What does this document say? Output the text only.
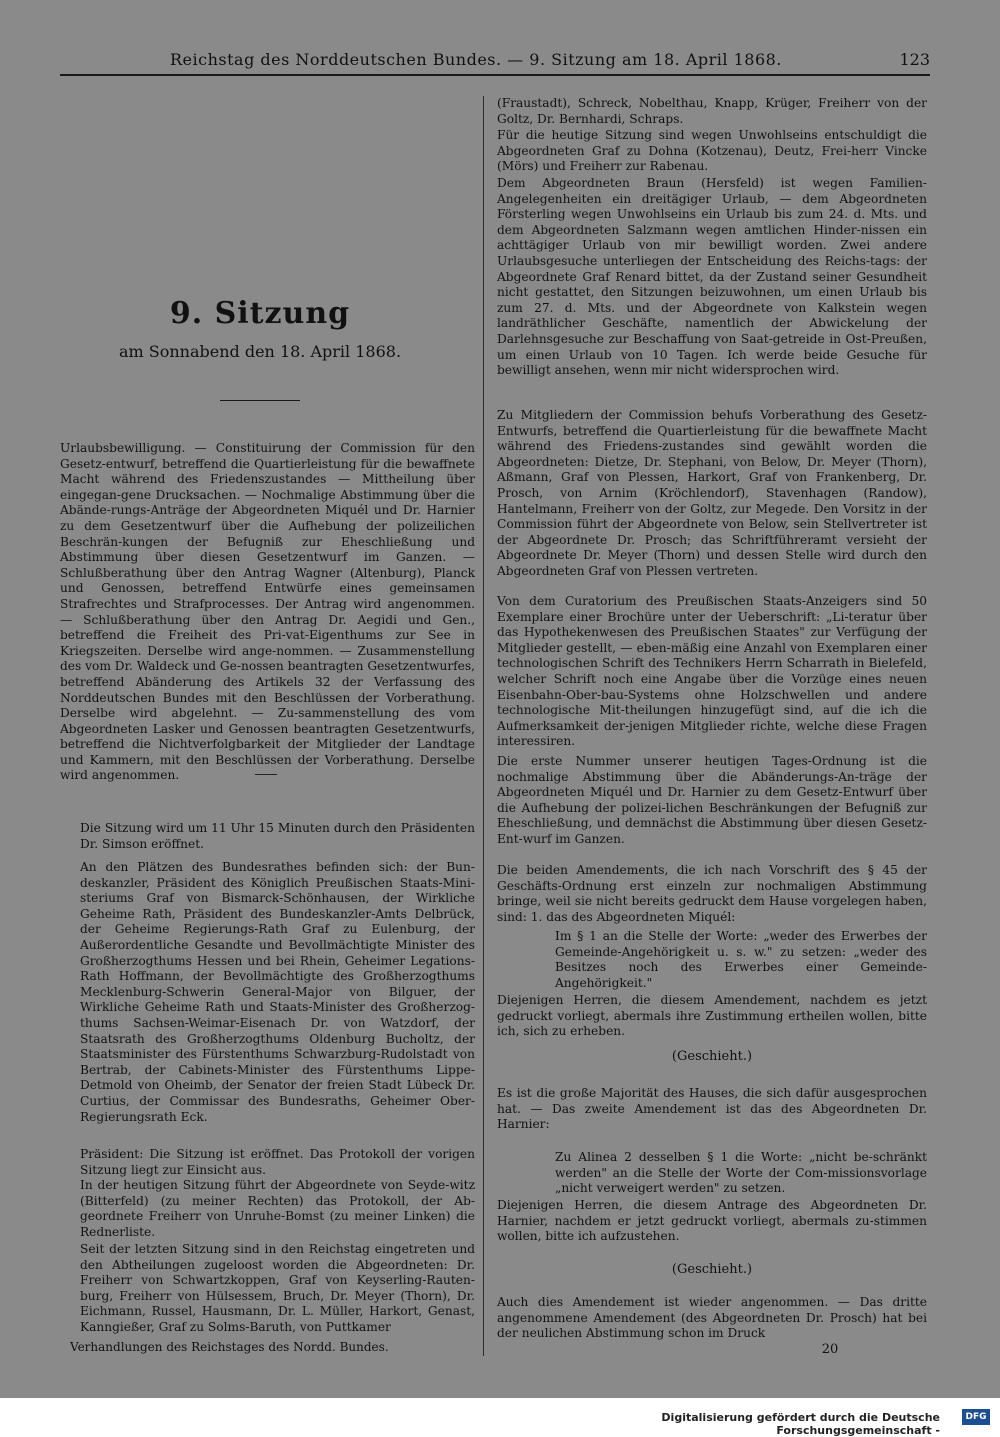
Reichstag des Norddeutschen Bundes. — 9. Sitzung am 18. April 1868.	123

9. Sitzung

am Sonnabend den 18. April 1868.

Urlaubsbewilligung. — Constituirung der Commission für den Gesetz-entwurf, betreffend die Quartierleistung für die bewaffnete Macht während des Friedenszustandes — Mittheilung über eingegan-gene Drucksachen. — Nochmalige Abstimmung über die Abände-rungs-Anträge der Abgeordneten Miquél und Dr. Harnier zu dem Gesetzentwurf über die Aufhebung der polizeilichen Beschrän-kungen der Befugniß zur Eheschließung und Abstimmung über diesen Gesetzentwurf im Ganzen. — Schlußberathung über den Antrag Wagner (Altenburg), Planck und Genossen, betreffend Entwürfe eines gemeinsamen Strafrechtes und Strafprocesses. Der Antrag wird angenommen. — Schlußberathung über den Antrag Dr. Aegidi und Gen., betreffend die Freiheit des Pri-vat-Eigenthums zur See in Kriegszeiten. Derselbe wird ange-nommen. — Zusammenstellung des vom Dr. Waldeck und Ge-nossen beantragten Gesetzentwurfes, betreffend Abänderung des Artikels 32 der Verfassung des Norddeutschen Bundes mit den Beschlüssen der Vorberathung. Derselbe wird abgelehnt. — Zu-sammenstellung des vom Abgeordneten Lasker und Genossen beantragten Gesetzentwurfs, betreffend die Nichtverfolgbarkeit der Mitglieder der Landtage und Kammern, mit den Beschlüssen der Vorberathung. Derselbe wird angenommen.

Die Sitzung wird um 11 Uhr 15 Minuten durch den Präsidenten Dr. Simson eröffnet.

An den Plätzen des Bundesrathes befinden sich: der Bun-deskanzler, Präsident des Königlich Preußischen Staats-Mini-steriums Graf von Bismarck-Schönhausen, der Wirkliche Geheime Rath, Präsident des Bundeskanzler-Amts Delbrück, der Geheime Regierungs-Rath Graf zu Eulenburg, der Außerordentliche Gesandte und Bevollmächtigte Minister des Großherzogthums Hessen und bei Rhein, Geheimer Legations-Rath Hoffmann, der Bevollmächtigte des Großherzogthums Mecklenburg-Schwerin General-Major von Bilguer, der Wirkliche Geheime Rath und Staats-Minister des Großherzog-thums Sachsen-Weimar-Eisenach Dr. von Watzdorf, der Staatsrath des Großherzogthums Oldenburg Bucholtz, der Staatsminister des Fürstenthums Schwarzburg-Rudolstadt von Bertrab, der Cabinets-Minister des Fürstenthums Lippe-Detmold von Oheimb, der Senator der freien Stadt Lübeck Dr. Curtius, der Commissar des Bundesraths, Geheimer Ober-Regierungsrath Eck.

Präsident: Die Sitzung ist eröffnet. Das Protokoll der vorigen Sitzung liegt zur Einsicht aus.

In der heutigen Sitzung führt der Abgeordnete von Seyde-witz (Bitterfeld) (zu meiner Rechten) das Protokoll, der Ab-geordnete Freiherr von Unruhe-Bomst (zu meiner Linken) die Rednerliste.

Seit der letzten Sitzung sind in den Reichstag eingetreten und den Abtheilungen zugeloost worden die Abgeordneten: Dr. Freiherr von Schwartzkoppen, Graf von Keyserling-Rauten-burg, Freiherr von Hülsessem, Bruch, Dr. Meyer (Thorn), Dr. Eichmann, Russel, Hausmann, Dr. L. Müller, Harkort, Genast, Kanngießer, Graf zu Solms-Baruth, von Puttkamer

Verhandlungen des Reichstages des Nordd. Bundes.

(Fraustadt), Schreck, Nobelthau, Knapp, Krüger, Freiherr von der Goltz, Dr. Bernhardi, Schraps.

Für die heutige Sitzung sind wegen Unwohlseins entschuldigt die Abgeordneten Graf zu Dohna (Kotzenau), Deutz, Frei-herr Vincke (Mörs) und Freiherr zur Rabenau.

Dem Abgeordneten Braun (Hersfeld) ist wegen Familien-Angelegenheiten ein dreitägiger Urlaub, — dem Abgeordneten Försterling wegen Unwohlseins ein Urlaub bis zum 24. d. Mts. und dem Abgeordneten Salzmann wegen amtlichen Hinder-nissen ein achttägiger Urlaub von mir bewilligt worden. Zwei andere Urlaubsgesuche unterliegen der Entscheidung des Reichs-tags: der Abgeordnete Graf Renard bittet, da der Zustand seiner Gesundheit nicht gestattet, den Sitzungen beizuwohnen, um einen Urlaub bis zum 27. d. Mts. und der Abgeordnete von Kalkstein wegen landräthlicher Geschäfte, namentlich der Abwickelung der Darlehnsgesuche zur Beschaffung von Saat-getreide in Ost-Preußen, um einen Urlaub von 10 Tagen. Ich werde beide Gesuche für bewilligt ansehen, wenn mir nicht widersprochen wird.

Zu Mitgliedern der Commission behufs Vorberathung des Gesetz-Entwurfs, betreffend die Quartierleistung für die bewaffnete Macht während des Friedens-zustandes sind gewählt worden die Abgeordneten: Dietze, Dr. Stephani, von Below, Dr. Meyer (Thorn), Aßmann, Graf von Plessen, Harkort, Graf von Frankenberg, Dr. Prosch, von Arnim (Kröchlendorf), Stavenhagen (Randow), Hantelmann, Freiherr von der Goltz, zur Megede. Den Vorsitz in der Commission führt der Abgeordnete von Below, sein Stellvertreter ist der Abgeordnete Dr. Prosch; das Schriftführeramt versieht der Abgeordnete Dr. Meyer (Thorn) und dessen Stelle wird durch den Abgeordneten Graf von Plessen vertreten.

Von dem Curatorium des Preußischen Staats-Anzeigers sind 50 Exemplare einer Brochüre unter der Ueberschrift: „Li-teratur über das Hypothekenwesen des Preußischen Staates" zur Verfügung der Mitglieder gestellt, — eben-mäßig eine Anzahl von Exemplaren einer technologischen Schrift des Technikers Herrn Scharrath in Bielefeld, welcher Schrift noch eine Angabe über die Vorzüge eines neuen Eisenbahn-Ober-bau-Systems ohne Holzschwellen und andere technologische Mit-theilungen hinzugefügt sind, auf die ich die Aufmerksamkeit der-jenigen Mitglieder richte, welche diese Fragen interessiren.

Die erste Nummer unserer heutigen Tages-Ordnung ist die nochmalige Abstimmung über die Abänderungs-An-träge der Abgeordneten Miquél und Dr. Harnier zu dem Gesetz-Entwurf über die Aufhebung der polizei-lichen Beschränkungen der Befugniß zur Eheschließung, und demnächst die Abstimmung über diesen Gesetz-Ent-wurf im Ganzen.

Die beiden Amendements, die ich nach Vorschrift des § 45 der Geschäfts-Ordnung erst einzeln zur nochmaligen Abstimmung bringe, weil sie nicht bereits gedruckt dem Hause vorgelegen haben, sind: 1. das des Abgeordneten Miquél:

Im § 1 an die Stelle der Worte: „weder des Erwerbes der Gemeinde-Angehörigkeit u. s. w." zu setzen: „weder des Besitzes noch des Erwerbes einer Gemeinde-Angehörigkeit."

Diejenigen Herren, die diesem Amendement, nachdem es jetzt gedruckt vorliegt, abermals ihre Zustimmung ertheilen wollen, bitte ich, sich zu erheben.

(Geschieht.)

Es ist die große Majorität des Hauses, die sich dafür ausgesprochen hat. — Das zweite Amendement ist das des Abgeordneten Dr. Harnier:

Zu Alinea 2 desselben § 1 die Worte: „nicht be-schränkt werden" an die Stelle der Worte der Com-missionsvorlage „nicht verweigert werden" zu setzen.

Diejenigen Herren, die diesem Antrage des Abgeordneten Dr. Harnier, nachdem er jetzt gedruckt vorliegt, abermals zu-stimmen wollen, bitte ich aufzustehen.

(Geschieht.)

Auch dies Amendement ist wieder angenommen. — Das dritte angenommene Amendement (des Abgeordneten Dr. Prosch) hat bei der neulichen Abstimmung schon im Druck

20

Digitalisierung gefördert durch die Deutsche Forschungsgemeinschaft -

DFG
